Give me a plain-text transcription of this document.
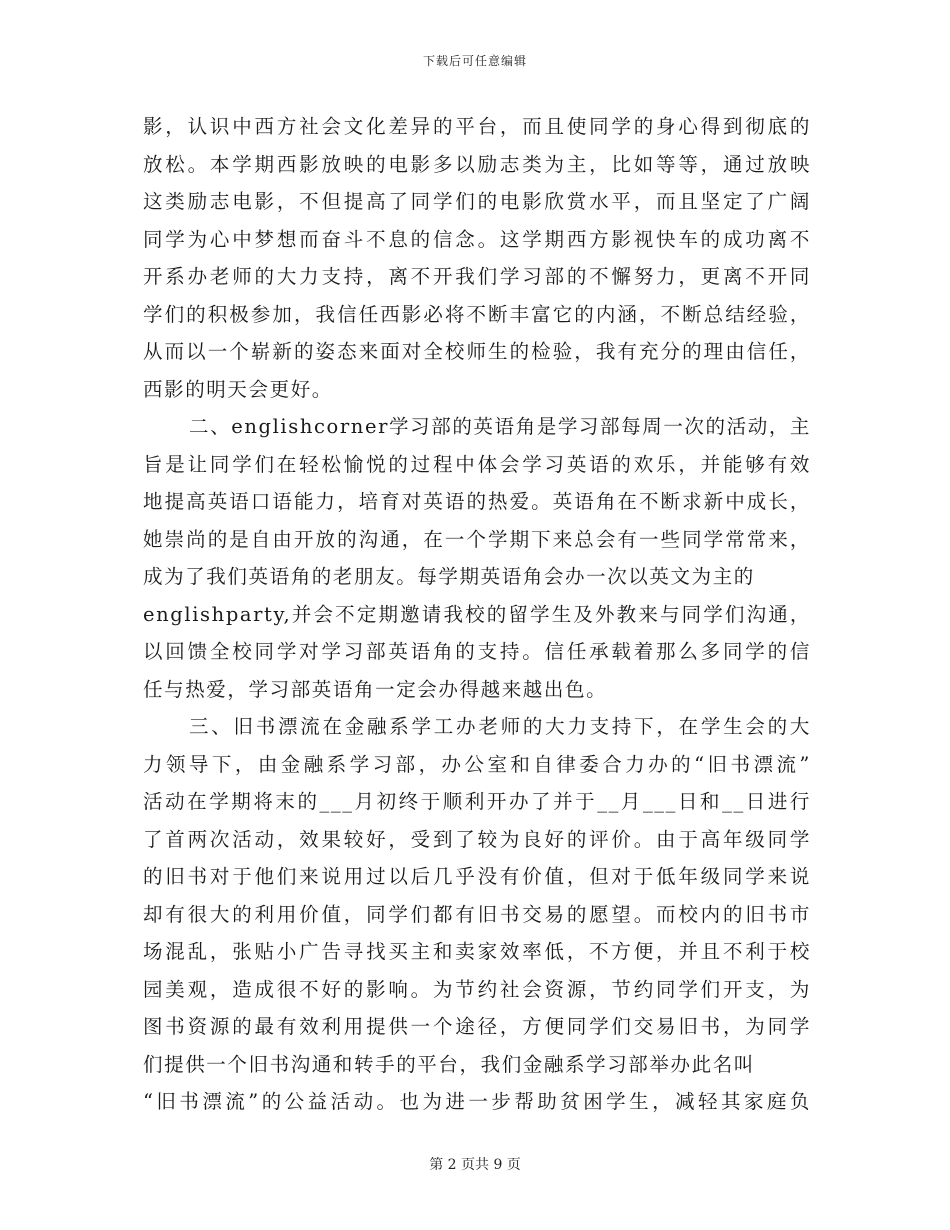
下载后可任意编辑
影，认识中西方社会文化差异的平台，而且使同学的身心得到彻底的
放松。本学期西影放映的电影多以励志类为主，比如等等，通过放映
这类励志电影，不但提高了同学们的电影欣赏水平，而且坚定了广阔
同学为心中梦想而奋斗不息的信念。这学期西方影视快车的成功离不
开系办老师的大力支持，离不开我们学习部的不懈努力，更离不开同
学们的积极参加，我信任西影必将不断丰富它的内涵，不断总结经验，
从而以一个崭新的姿态来面对全校师生的检验，我有充分的理由信任，
西影的明天会更好。
二、englishcorner学习部的英语角是学习部每周一次的活动，主
旨是让同学们在轻松愉悦的过程中体会学习英语的欢乐，并能够有效
地提高英语口语能力，培育对英语的热爱。英语角在不断求新中成长，
她崇尚的是自由开放的沟通，在一个学期下来总会有一些同学常常来，
成为了我们英语角的老朋友。每学期英语角会办一次以英文为主的
englishparty,并会不定期邀请我校的留学生及外教来与同学们沟通，
以回馈全校同学对学习部英语角的支持。信任承载着那么多同学的信
任与热爱，学习部英语角一定会办得越来越出色。
三、旧书漂流在金融系学工办老师的大力支持下，在学生会的大
力领导下，由金融系学习部，办公室和自律委合力办的“旧书漂流”
活动在学期将末的___月初终于顺利开办了并于__月___日和__日进行
了首两次活动，效果较好，受到了较为良好的评价。由于高年级同学
的旧书对于他们来说用过以后几乎没有价值，但对于低年级同学来说
却有很大的利用价值，同学们都有旧书交易的愿望。而校内的旧书市
场混乱，张贴小广告寻找买主和卖家效率低，不方便，并且不利于校
园美观，造成很不好的影响。为节约社会资源，节约同学们开支，为
图书资源的最有效利用提供一个途径，方便同学们交易旧书，为同学
们提供一个旧书沟通和转手的平台，我们金融系学习部举办此名叫
“旧书漂流”的公益活动。也为进一步帮助贫困学生，减轻其家庭负
第 2 页共 9 页
